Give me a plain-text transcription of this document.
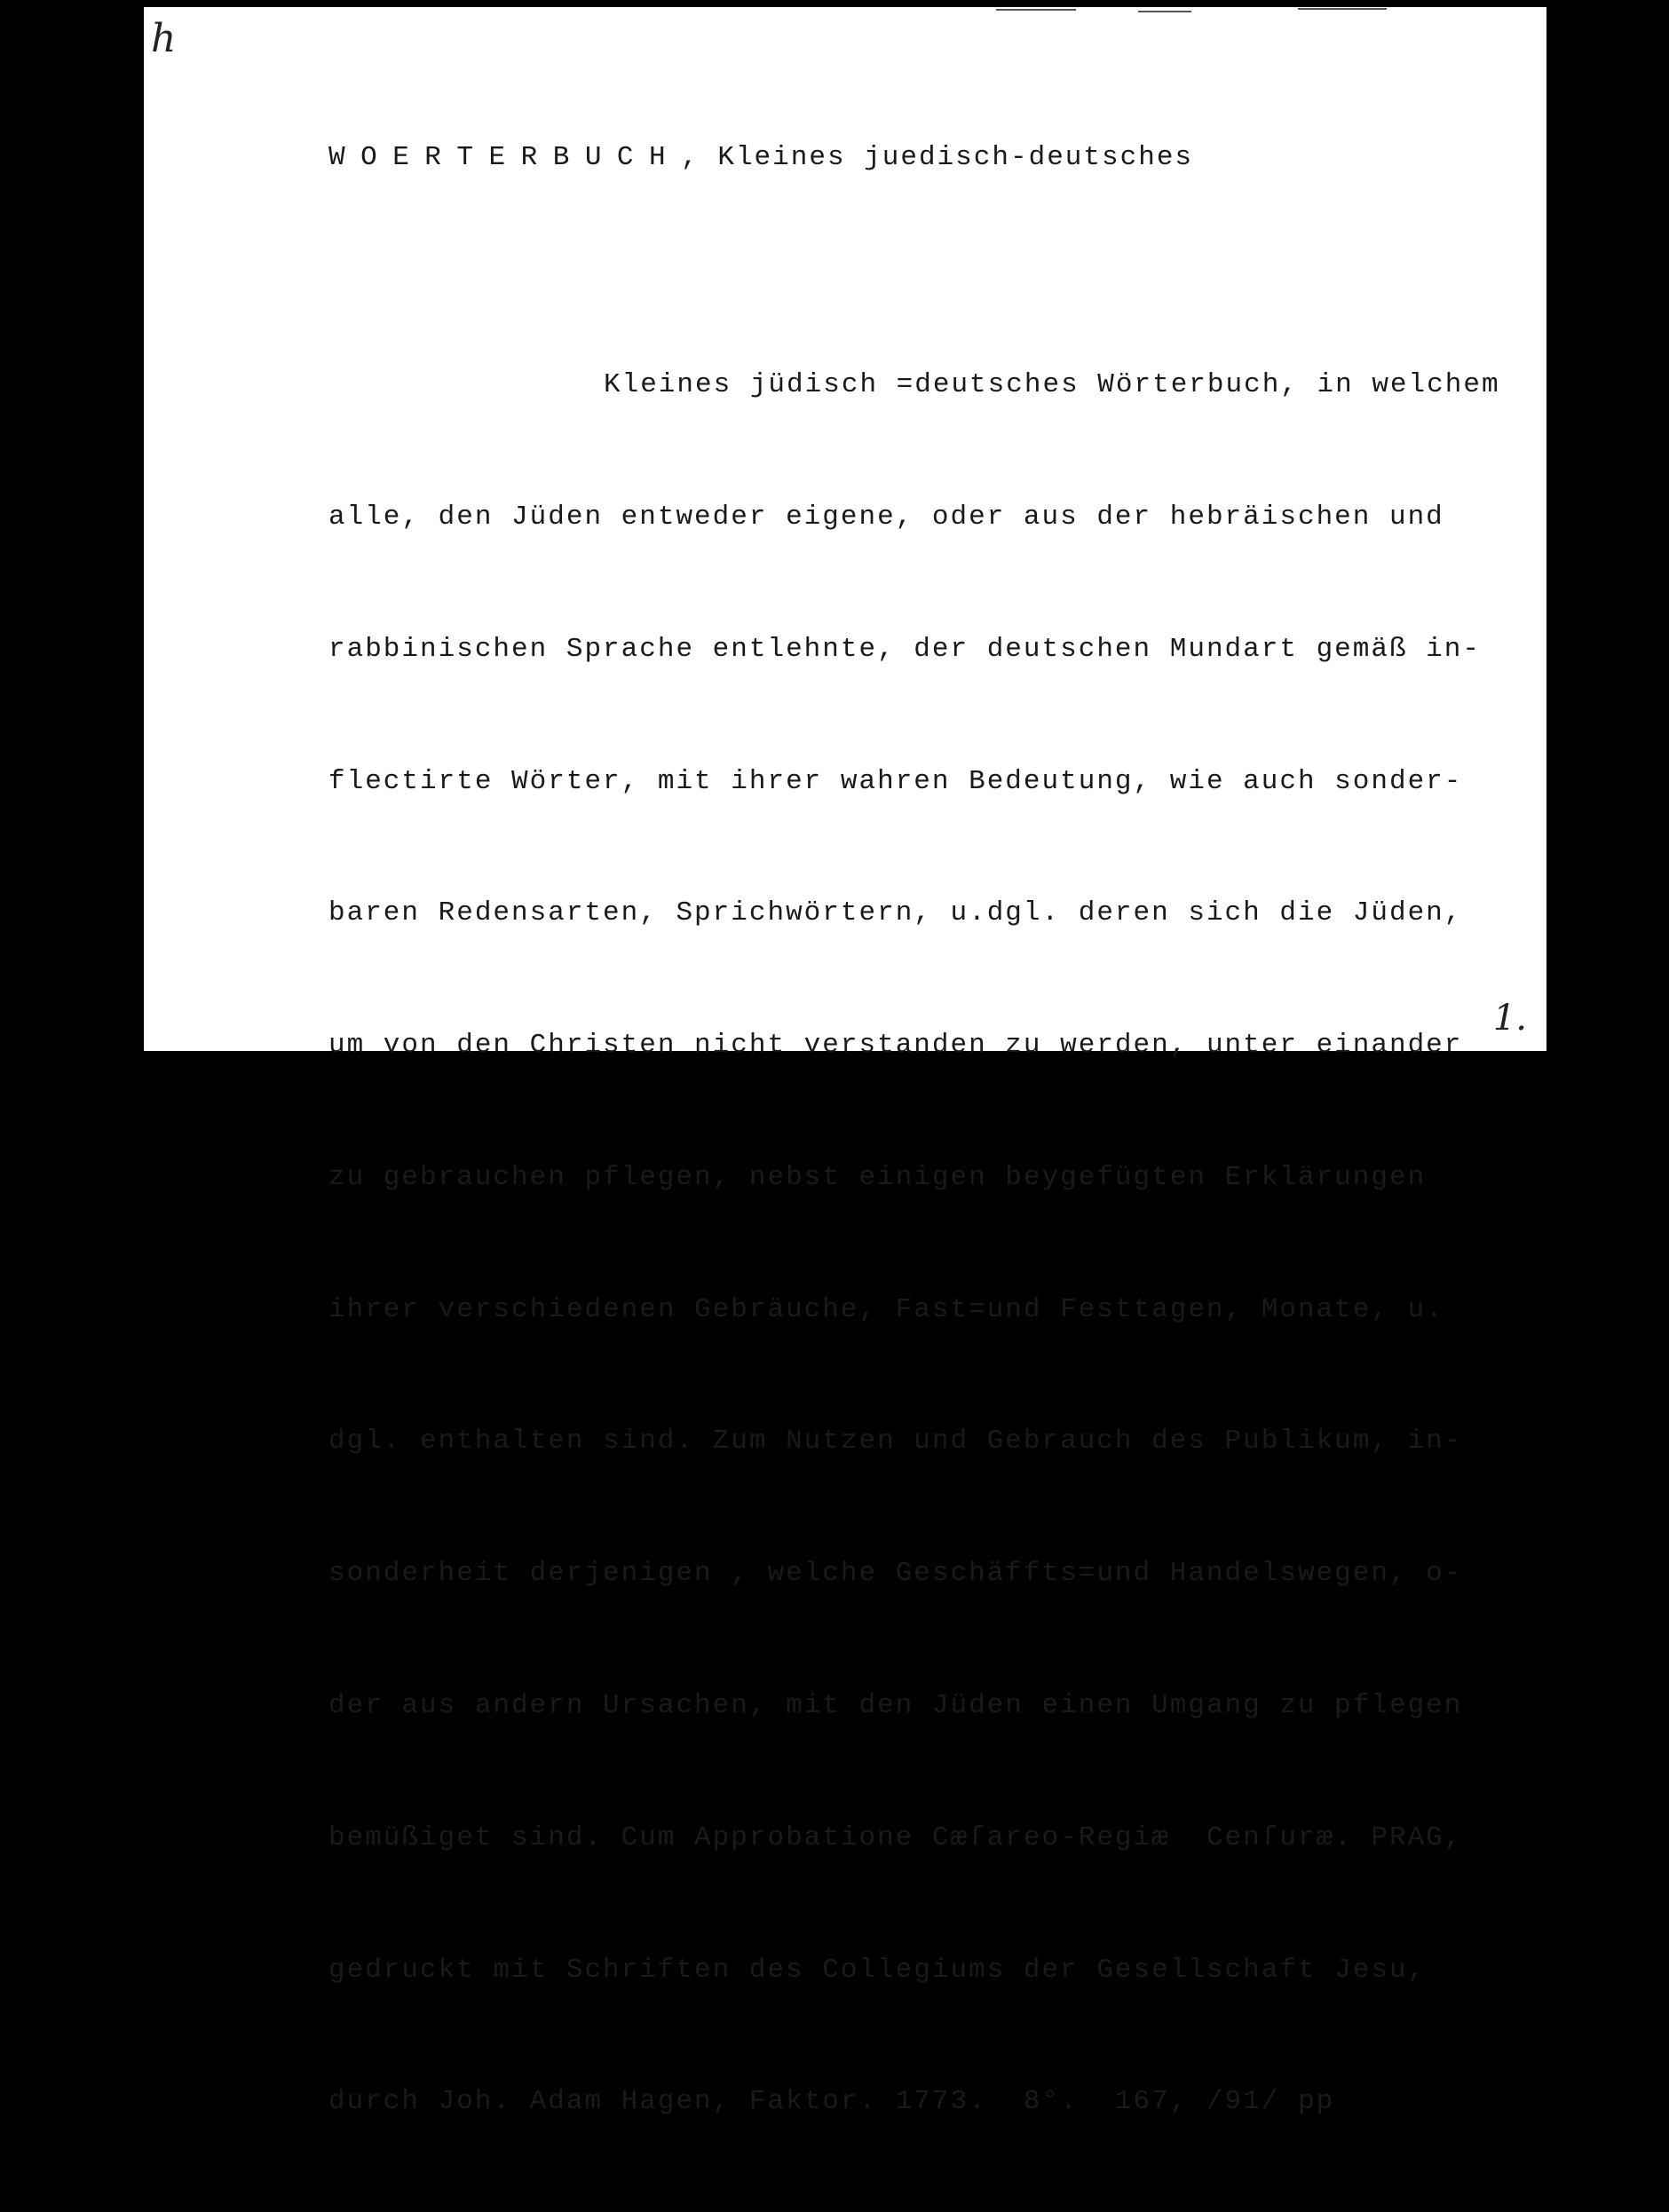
h
WOERTERBUCH, Kleines juedisch-deutsches

Kleines jüdisch =deutsches Wörterbuch, in welchem

alle, den Jüden entweder eigene, oder aus der hebräischen und

rabbinischen Sprache entlehnte, der deutschen Mundart gemäß in-

flectirte Wörter, mit ihrer wahren Bedeutung, wie auch sonder-

baren Redensarten, Sprichwörtern, u.dgl. deren sich die Jüden,

um von den Christen nicht verstanden zu werden, unter einander

zu gebrauchen pflegen, nebst einigen beygefügten Erklärungen

ihrer verschiedenen Gebräuche, Fast=und Festtagen, Monate, u.

dgl. enthalten sind. Zum Nutzen und Gebrauch des Publikum, in-

sonderheit derjenigen , welche Geschäffts=und Handelswegen, o-

der aus andern Ursachen, mit den Jüden einen Umgang zu pflegen

bemüßiget sind. Cum Approbatione Cæſareo-Regiæ  Cenſuræ. PRAG,

gedruckt mit Schriften des Collegiums der Gesellschaft Jesu,

durch Joh. Adam Hagen, Faktor. 1773.  8°.  167, /91/ pp

1.
